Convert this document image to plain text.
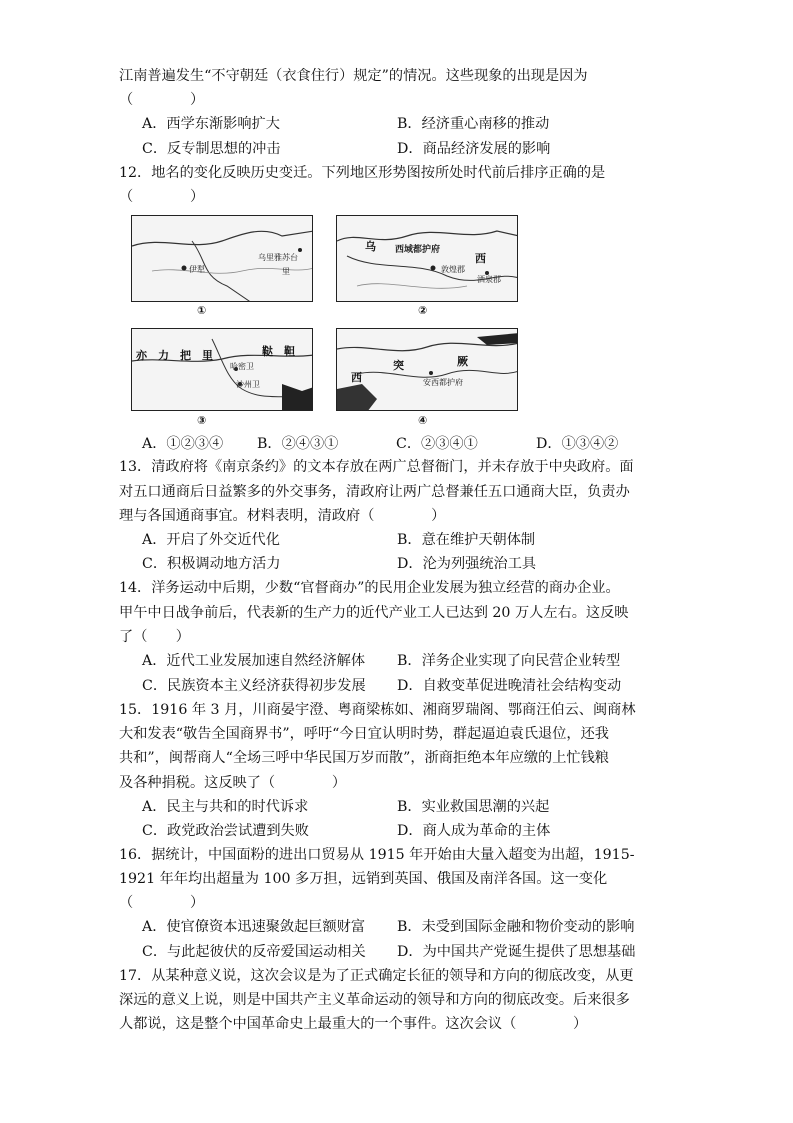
江南普遍发生“不守朝廷（衣食住行）规定”的情况。这些现象的出现是因为
（　　　　）
A．西学东渐影响扩大	B．经济重心南移的推动
C．反专制思想的冲击	D．商品经济发展的影响
12．地名的变化反映历史变迁。下列地区形势图按所处时代前后排序正确的是
（　　　　）
乌里雅苏台
伊犁	里
①
乌 西域都护府
西
敦煌郡
酒泉郡
②
亦　力　把　里	鞑　靼
哈密卫
沙州卫
③
突	厥
西	安西都护府
④
A．①②③④ B．②④③①	C．②③④①	D．①③④②
13．清政府将《南京条约》的文本存放在两广总督衙门，并未存放于中央政府。面
对五口通商后日益繁多的外交事务，清政府让两广总督兼任五口通商大臣，负责办
理与各国通商事宜。材料表明，清政府（　　　　）
A．开启了外交近代化	B．意在维护天朝体制
C．积极调动地方活力	D．沦为列强统治工具
14．洋务运动中后期，少数“官督商办”的民用企业发展为独立经营的商办企业。
甲午中日战争前后，代表新的生产力的近代产业工人已达到 20 万人左右。这反映
了（　　）
A．近代工业发展加速自然经济解体 B．洋务企业实现了向民营企业转型
C．民族资本主义经济获得初步发展 D．自救变革促进晚清社会结构变动
15．1916 年 3 月，川商晏宇澄、粤商梁栋如、湘商罗瑞阁、鄂商汪伯云、闽商林
大和发表“敬告全国商界书”，呼吁“今日宜认明时势，群起逼迫袁氏退位，还我
共和”，闽帮商人“全场三呼中华民国万岁而散”，浙商拒绝本年应缴的上忙钱粮
及各种捐税。这反映了（　　　　）
A．民主与共和的时代诉求	B．实业救国思潮的兴起
C．政党政治尝试遭到失败	D．商人成为革命的主体
16．据统计，中国面粉的进出口贸易从 1915 年开始由大量入超变为出超，1915-
1921 年年均出超量为 100 多万担，远销到英国、俄国及南洋各国。这一变化
（　　　　）
A．使官僚资本迅速聚敛起巨额财富 B．未受到国际金融和物价变动的影响
C．与此起彼伏的反帝爱国运动相关 D．为中国共产党诞生提供了思想基础
17．从某种意义说，这次会议是为了正式确定长征的领导和方向的彻底改变，从更
深远的意义上说，则是中国共产主义革命运动的领导和方向的彻底改变。后来很多
人都说，这是整个中国革命史上最重大的一个事件。这次会议（　　　　）
